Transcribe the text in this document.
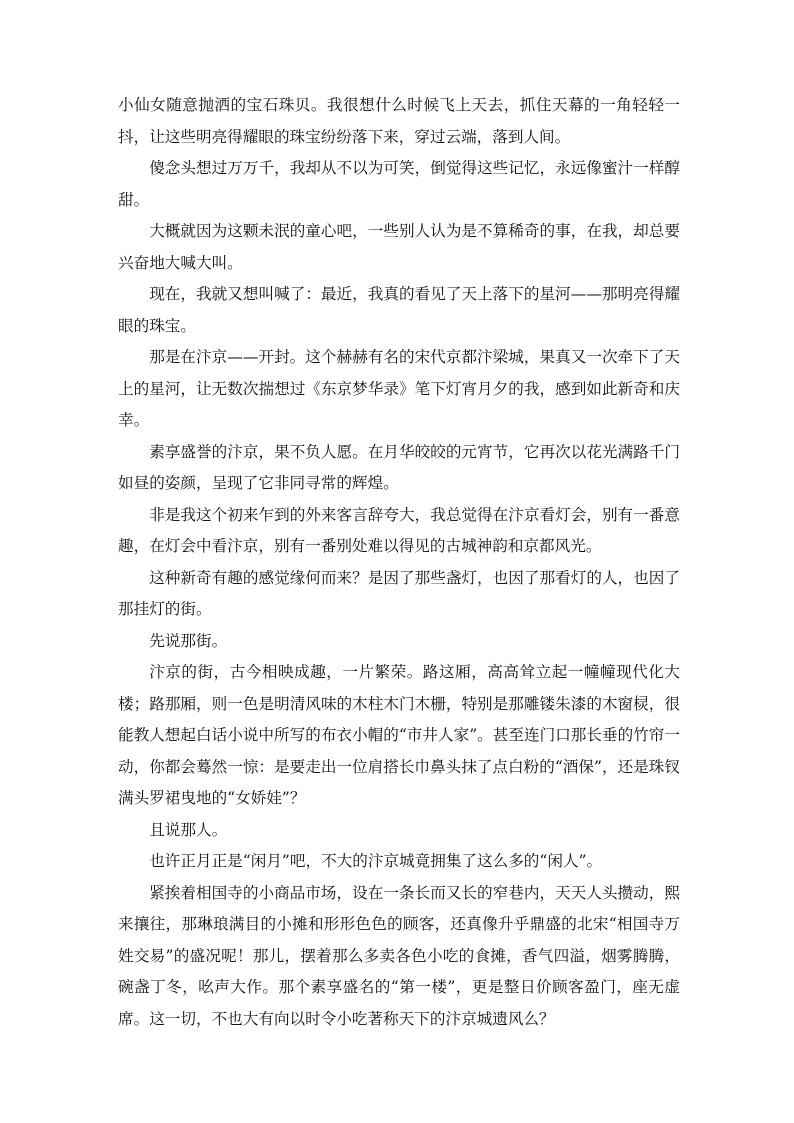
小仙女随意抛洒的宝石珠贝。我很想什么时候飞上天去，抓住天幕的一角轻轻一抖，让这些明亮得耀眼的珠宝纷纷落下来，穿过云端，落到人间。

傻念头想过万万千，我却从不以为可笑，倒觉得这些记忆，永远像蜜汁一样醇甜。

大概就因为这颗未泯的童心吧，一些别人认为是不算稀奇的事，在我，却总要兴奋地大喊大叫。

现在，我就又想叫喊了：最近，我真的看见了天上落下的星河——那明亮得耀眼的珠宝。

那是在汴京——开封。这个赫赫有名的宋代京都汴梁城，果真又一次牵下了天上的星河，让无数次揣想过《东京梦华录》笔下灯宵月夕的我，感到如此新奇和庆幸。

素享盛誉的汴京，果不负人愿。在月华皎皎的元宵节，它再次以花光满路千门如昼的姿颜，呈现了它非同寻常的辉煌。

非是我这个初来乍到的外来客言辞夸大，我总觉得在汴京看灯会，别有一番意趣，在灯会中看汴京，别有一番别处难以得见的古城神韵和京都风光。

这种新奇有趣的感觉缘何而来？是因了那些盏灯，也因了那看灯的人，也因了那挂灯的街。

先说那街。

汴京的街，古今相映成趣，一片繁荣。路这厢，高高耸立起一幢幢现代化大楼；路那厢，则一色是明清风味的木柱木门木栅，特别是那雕镂朱漆的木窗棂，很能教人想起白话小说中所写的布衣小帽的“市井人家”。甚至连门口那长垂的竹帘一动，你都会蓦然一惊：是要走出一位肩搭长巾鼻头抹了点白粉的“酒保”，还是珠钗满头罗裙曳地的“女娇娃”？

且说那人。

也许正月正是“闲月”吧，不大的汴京城竟拥集了这么多的“闲人”。

紧挨着相国寺的小商品市场，设在一条长而又长的窄巷内，天天人头攒动，熙来攘往，那琳琅满目的小摊和形形色色的顾客，还真像升乎鼎盛的北宋“相国寺万姓交易”的盛况呢！那儿，摆着那么多卖各色小吃的食摊，香气四溢，烟雾腾腾，碗盏丁冬，吆声大作。那个素享盛名的“第一楼”，更是整日价顾客盈门，座无虚席。这一切，不也大有向以时令小吃著称天下的汴京城遗风么？
